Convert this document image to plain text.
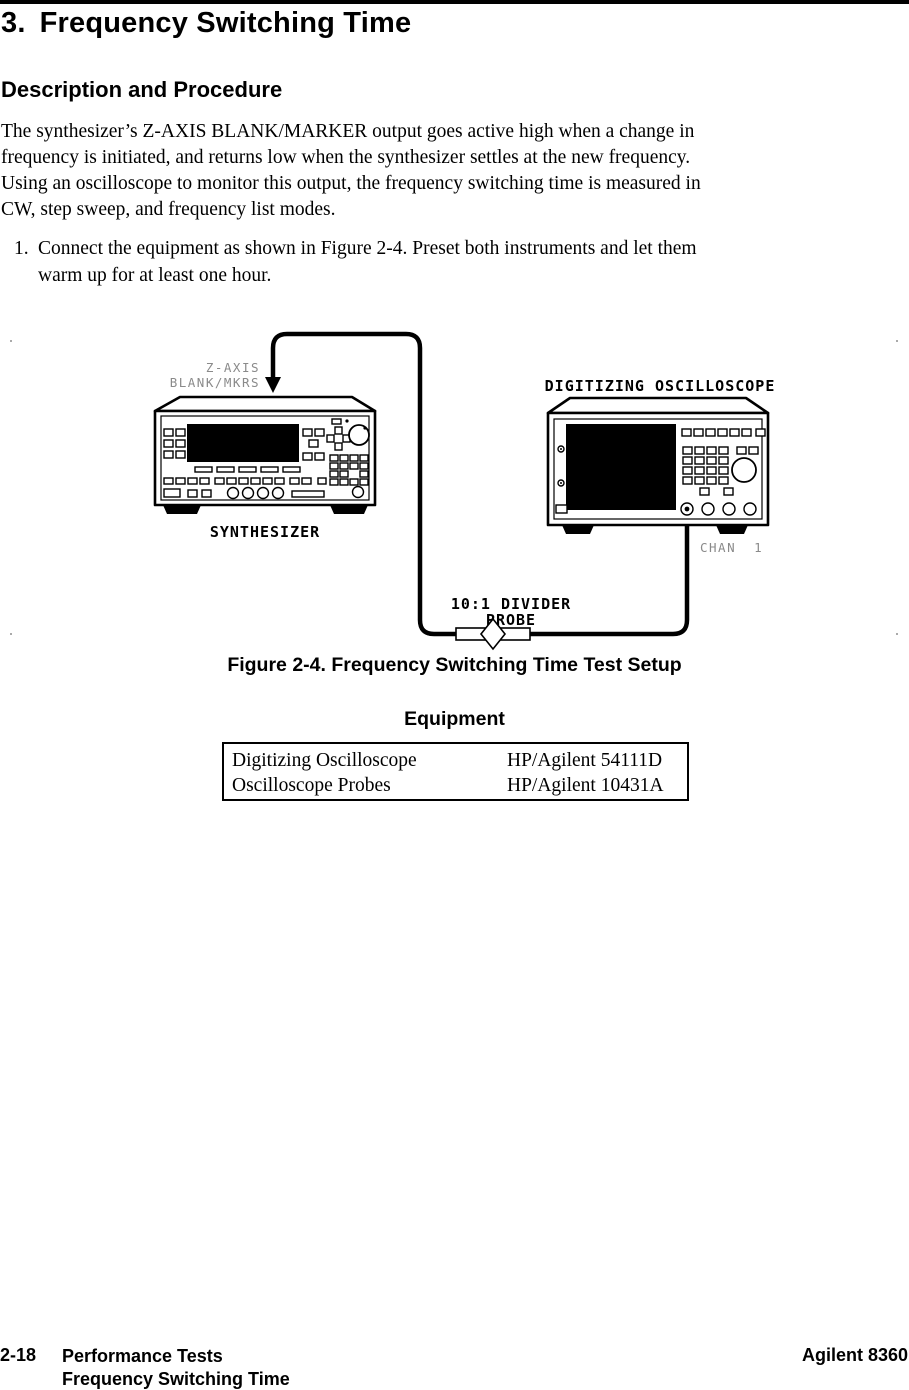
3. Frequency Switching Time
Description and Procedure
The synthesizer’s Z-AXIS BLANK/MARKER output goes active high when a change in
frequency is initiated, and returns low when the synthesizer settles at the new frequency.
Using an oscilloscope to monitor this output, the frequency switching time is measured in
CW, step sweep, and frequency list modes.
1. Connect the equipment as shown in Figure 2-4. Preset both instruments and let them
warm up for at least one hour.
Z-AXIS
BLANK/MKRS	DIGITIZING OSCILLOSCOPE
SYNTHESIZER
CHAN  1
10:1 DIVIDER
PROBE
Figure 2-4. Frequency Switching Time Test Setup
Equipment
Digitizing Oscilloscope	HP/Agilent 54111D
Oscilloscope Probes	HP/Agilent 10431A
2-18 Performance Tests
Frequency Switching Time
Agilent 8360
